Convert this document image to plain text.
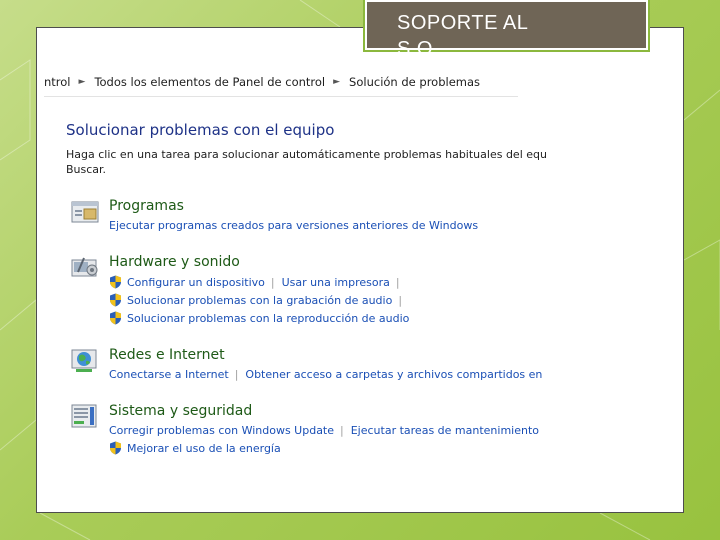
SOPORTE AL S.O.
ntrol ► Todos los elementos de Panel de control ► Solución de problemas
Solucionar problemas con el equipo
Haga clic en una tarea para solucionar automáticamente problemas habituales del equ
Buscar.
Programas
Ejecutar programas creados para versiones anteriores de Windows
Hardware y sonido
Configurar un dispositivo | Usar una impresora |
Solucionar problemas con la grabación de audio |
Solucionar problemas con la reproducción de audio
Redes e Internet
Conectarse a Internet | Obtener acceso a carpetas y archivos compartidos en
Sistema y seguridad
Corregir problemas con Windows Update | Ejecutar tareas de mantenimiento
Mejorar el uso de la energía
